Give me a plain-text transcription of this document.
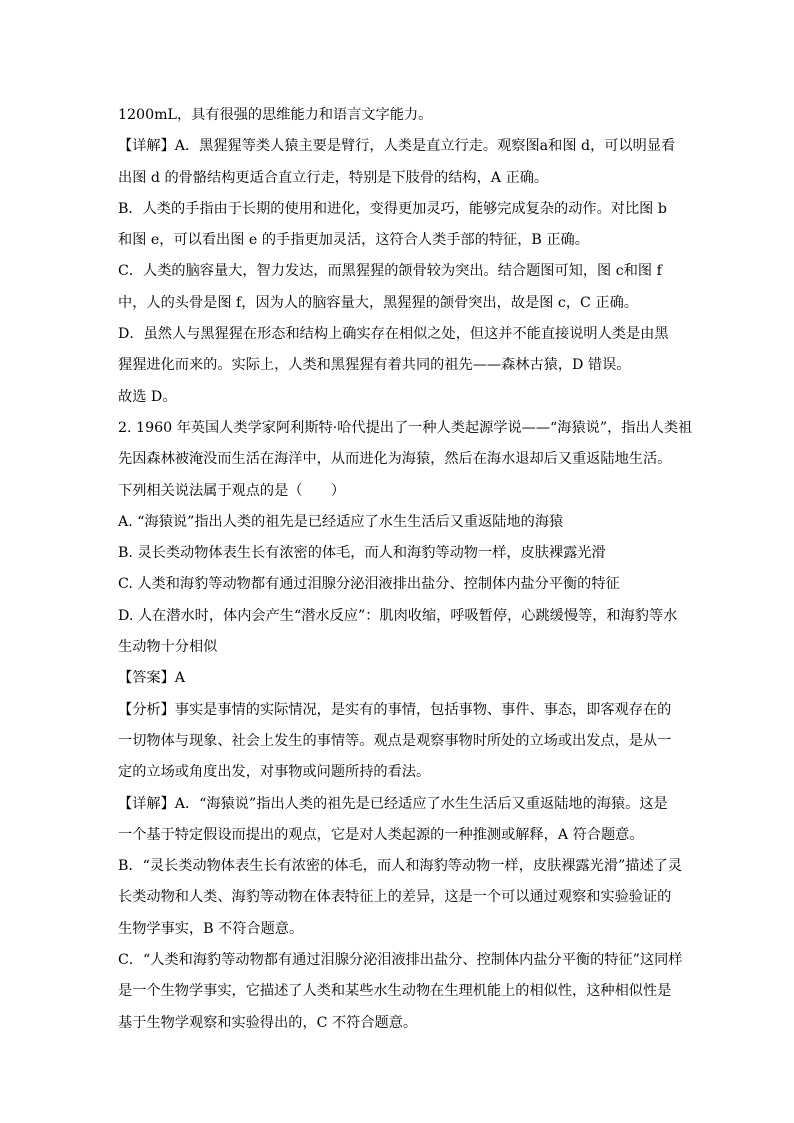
1200mL，具有很强的思维能力和语言文字能力。
【详解】A．黑猩猩等类人猿主要是臂行，人类是直立行走。观察图a和图 d，可以明显看
出图 d 的骨骼结构更适合直立行走，特别是下肢骨的结构，A 正确。
B．人类的手指由于长期的使用和进化，变得更加灵巧，能够完成复杂的动作。对比图 b
和图 e，可以看出图 e 的手指更加灵活，这符合人类手部的特征，B 正确。
C．人类的脑容量大，智力发达，而黑猩猩的颌骨较为突出。结合题图可知，图 c和图 f
中，人的头骨是图 f，因为人的脑容量大，黑猩猩的颌骨突出，故是图 c，C 正确。
D．虽然人与黑猩猩在形态和结构上确实存在相似之处，但这并不能直接说明人类是由黑
猩猩进化而来的。实际上，人类和黑猩猩有着共同的祖先——森林古猿，D 错误。
故选 D。
2. 1960 年英国人类学家阿利斯特·哈代提出了一种人类起源学说——“海猿说”，指出人类祖
先因森林被淹没而生活在海洋中，从而进化为海猿，然后在海水退却后又重返陆地生活。
下列相关说法属于观点的是（　　）
A. “海猿说”指出人类的祖先是已经适应了水生生活后又重返陆地的海猿
B. 灵长类动物体表生长有浓密的体毛，而人和海豹等动物一样，皮肤裸露光滑
C. 人类和海豹等动物都有通过泪腺分泌泪液排出盐分、控制体内盐分平衡的特征
D. 人在潜水时，体内会产生“潜水反应”：肌肉收缩，呼吸暂停，心跳缓慢等，和海豹等水
生动物十分相似
【答案】A
【分析】事实是事情的实际情况，是实有的事情，包括事物、事件、事态，即客观存在的
一切物体与现象、社会上发生的事情等。观点是观察事物时所处的立场或出发点，是从一
定的立场或角度出发，对事物或问题所持的看法。
【详解】A．“海猿说”指出人类的祖先是已经适应了水生生活后又重返陆地的海猿。这是
一个基于特定假设而提出的观点，它是对人类起源的一种推测或解释，A 符合题意。
B．“灵长类动物体表生长有浓密的体毛，而人和海豹等动物一样，皮肤裸露光滑”描述了灵
长类动物和人类、海豹等动物在体表特征上的差异，这是一个可以通过观察和实验验证的
生物学事实，B 不符合题意。
C．“人类和海豹等动物都有通过泪腺分泌泪液排出盐分、控制体内盐分平衡的特征”这同样
是一个生物学事实，它描述了人类和某些水生动物在生理机能上的相似性，这种相似性是
基于生物学观察和实验得出的，C 不符合题意。
